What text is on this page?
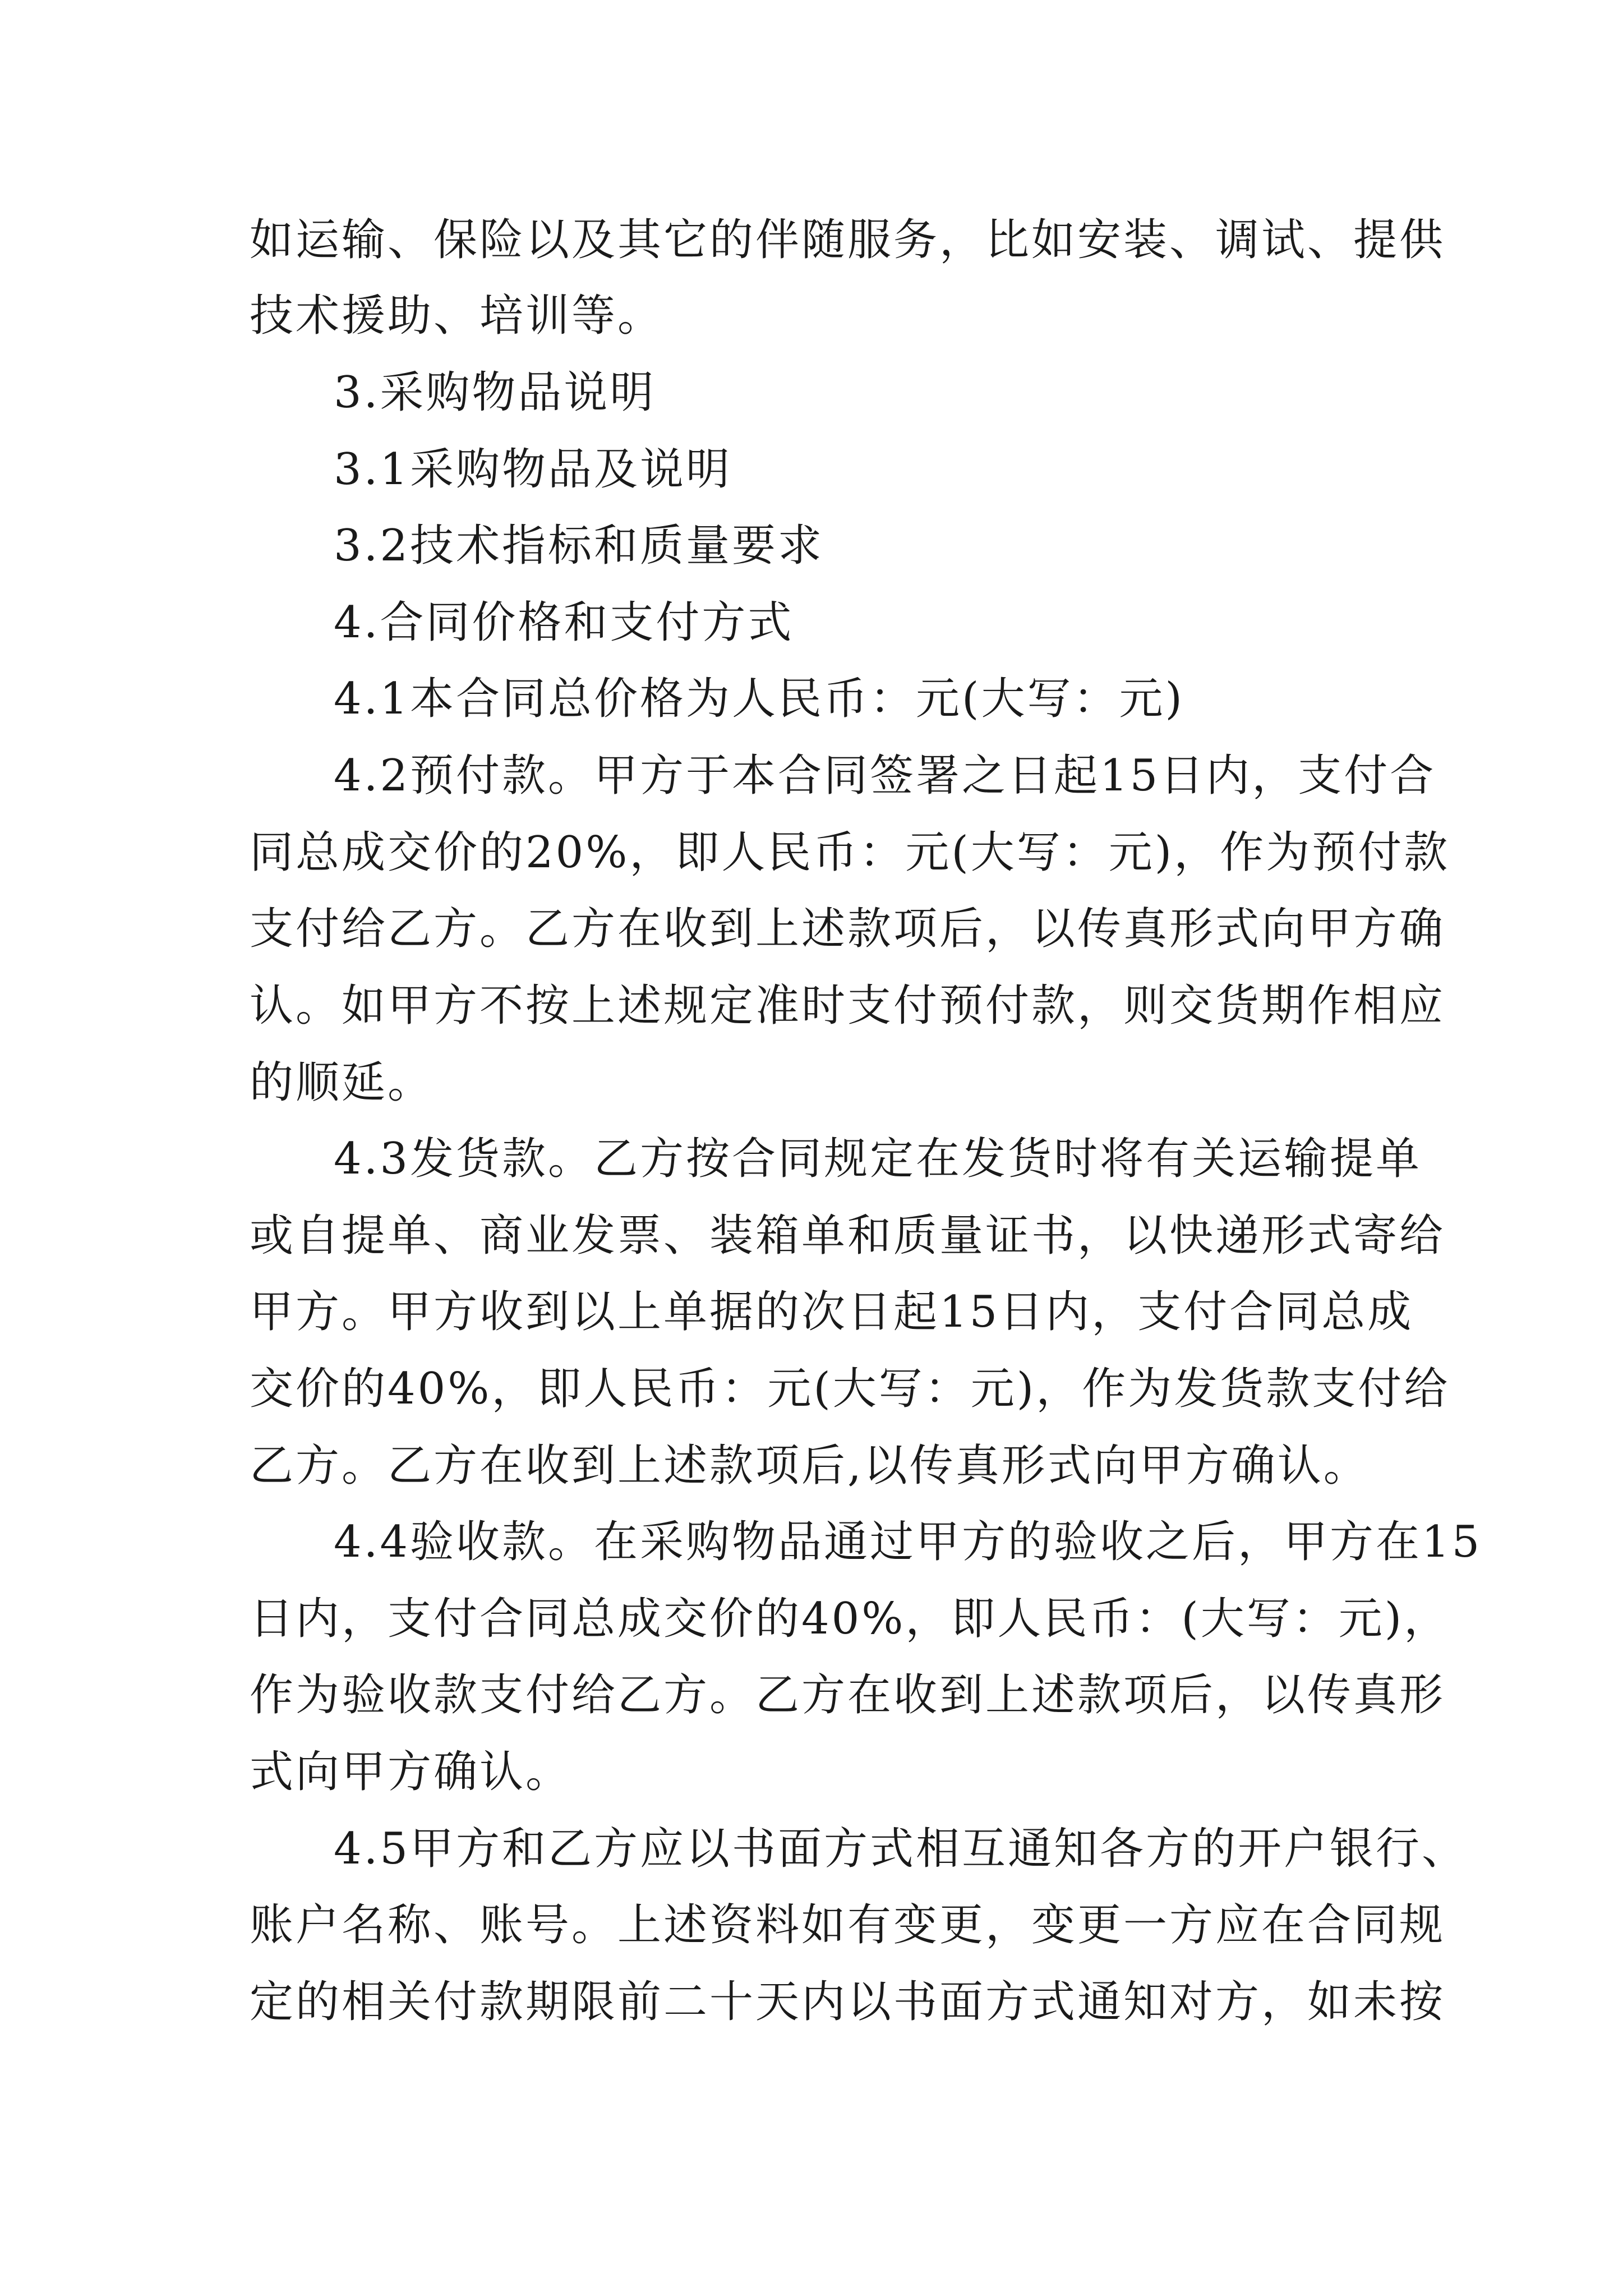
如运输、保险以及其它的伴随服务，比如安装、调试、提供
技术援助、培训等。
3.采购物品说明
3.1采购物品及说明
3.2技术指标和质量要求
4.合同价格和支付方式
4.1本合同总价格为人民币：元(大写：元)
4.2预付款。甲方于本合同签署之日起15日内，支付合
同总成交价的20%，即人民币：元(大写：元)，作为预付款
支付给乙方。乙方在收到上述款项后，以传真形式向甲方确
认。如甲方不按上述规定准时支付预付款，则交货期作相应
的顺延。
4.3发货款。乙方按合同规定在发货时将有关运输提单
或自提单、商业发票、装箱单和质量证书，以快递形式寄给
甲方。甲方收到以上单据的次日起15日内，支付合同总成
交价的40%，即人民币：元(大写：元)，作为发货款支付给
乙方。乙方在收到上述款项后,以传真形式向甲方确认。
4.4验收款。在采购物品通过甲方的验收之后，甲方在15
日内，支付合同总成交价的40%，即人民币：(大写：元)，
作为验收款支付给乙方。乙方在收到上述款项后，以传真形
式向甲方确认。
4.5甲方和乙方应以书面方式相互通知各方的开户银行、
账户名称、账号。上述资料如有变更，变更一方应在合同规
定的相关付款期限前二十天内以书面方式通知对方，如未按
